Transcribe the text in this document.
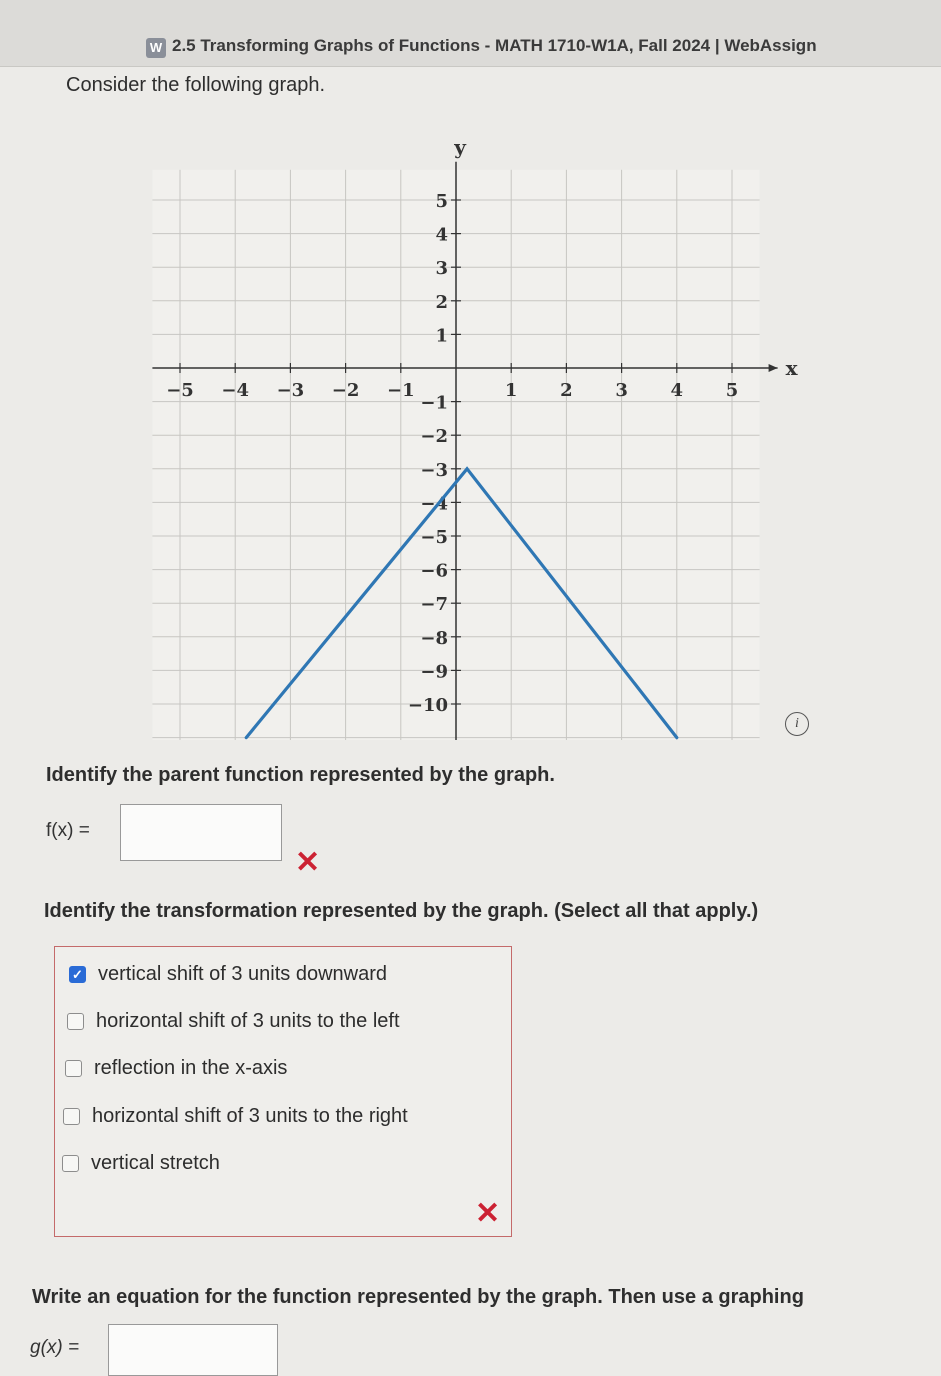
W 2.5 Transforming Graphs of Functions - MATH 1710-W1A, Fall 2024 | WebAssign
Consider the following graph.
x
y
−5 −4 −3 −2 −1	1 2 3 4 5
5
4
3
2
1
−1
−2
−3
−4
−5
−6
−7
−8
−9
−10
i
Identify the parent function represented by the graph.
f(x) =
✕
Identify the transformation represented by the graph. (Select all that apply.)
✓ vertical shift of 3 units downward
horizontal shift of 3 units to the left
reflection in the x-axis
horizontal shift of 3 units to the right
vertical stretch
✕
Write an equation for the function represented by the graph. Then use a graphing
g(x) =
